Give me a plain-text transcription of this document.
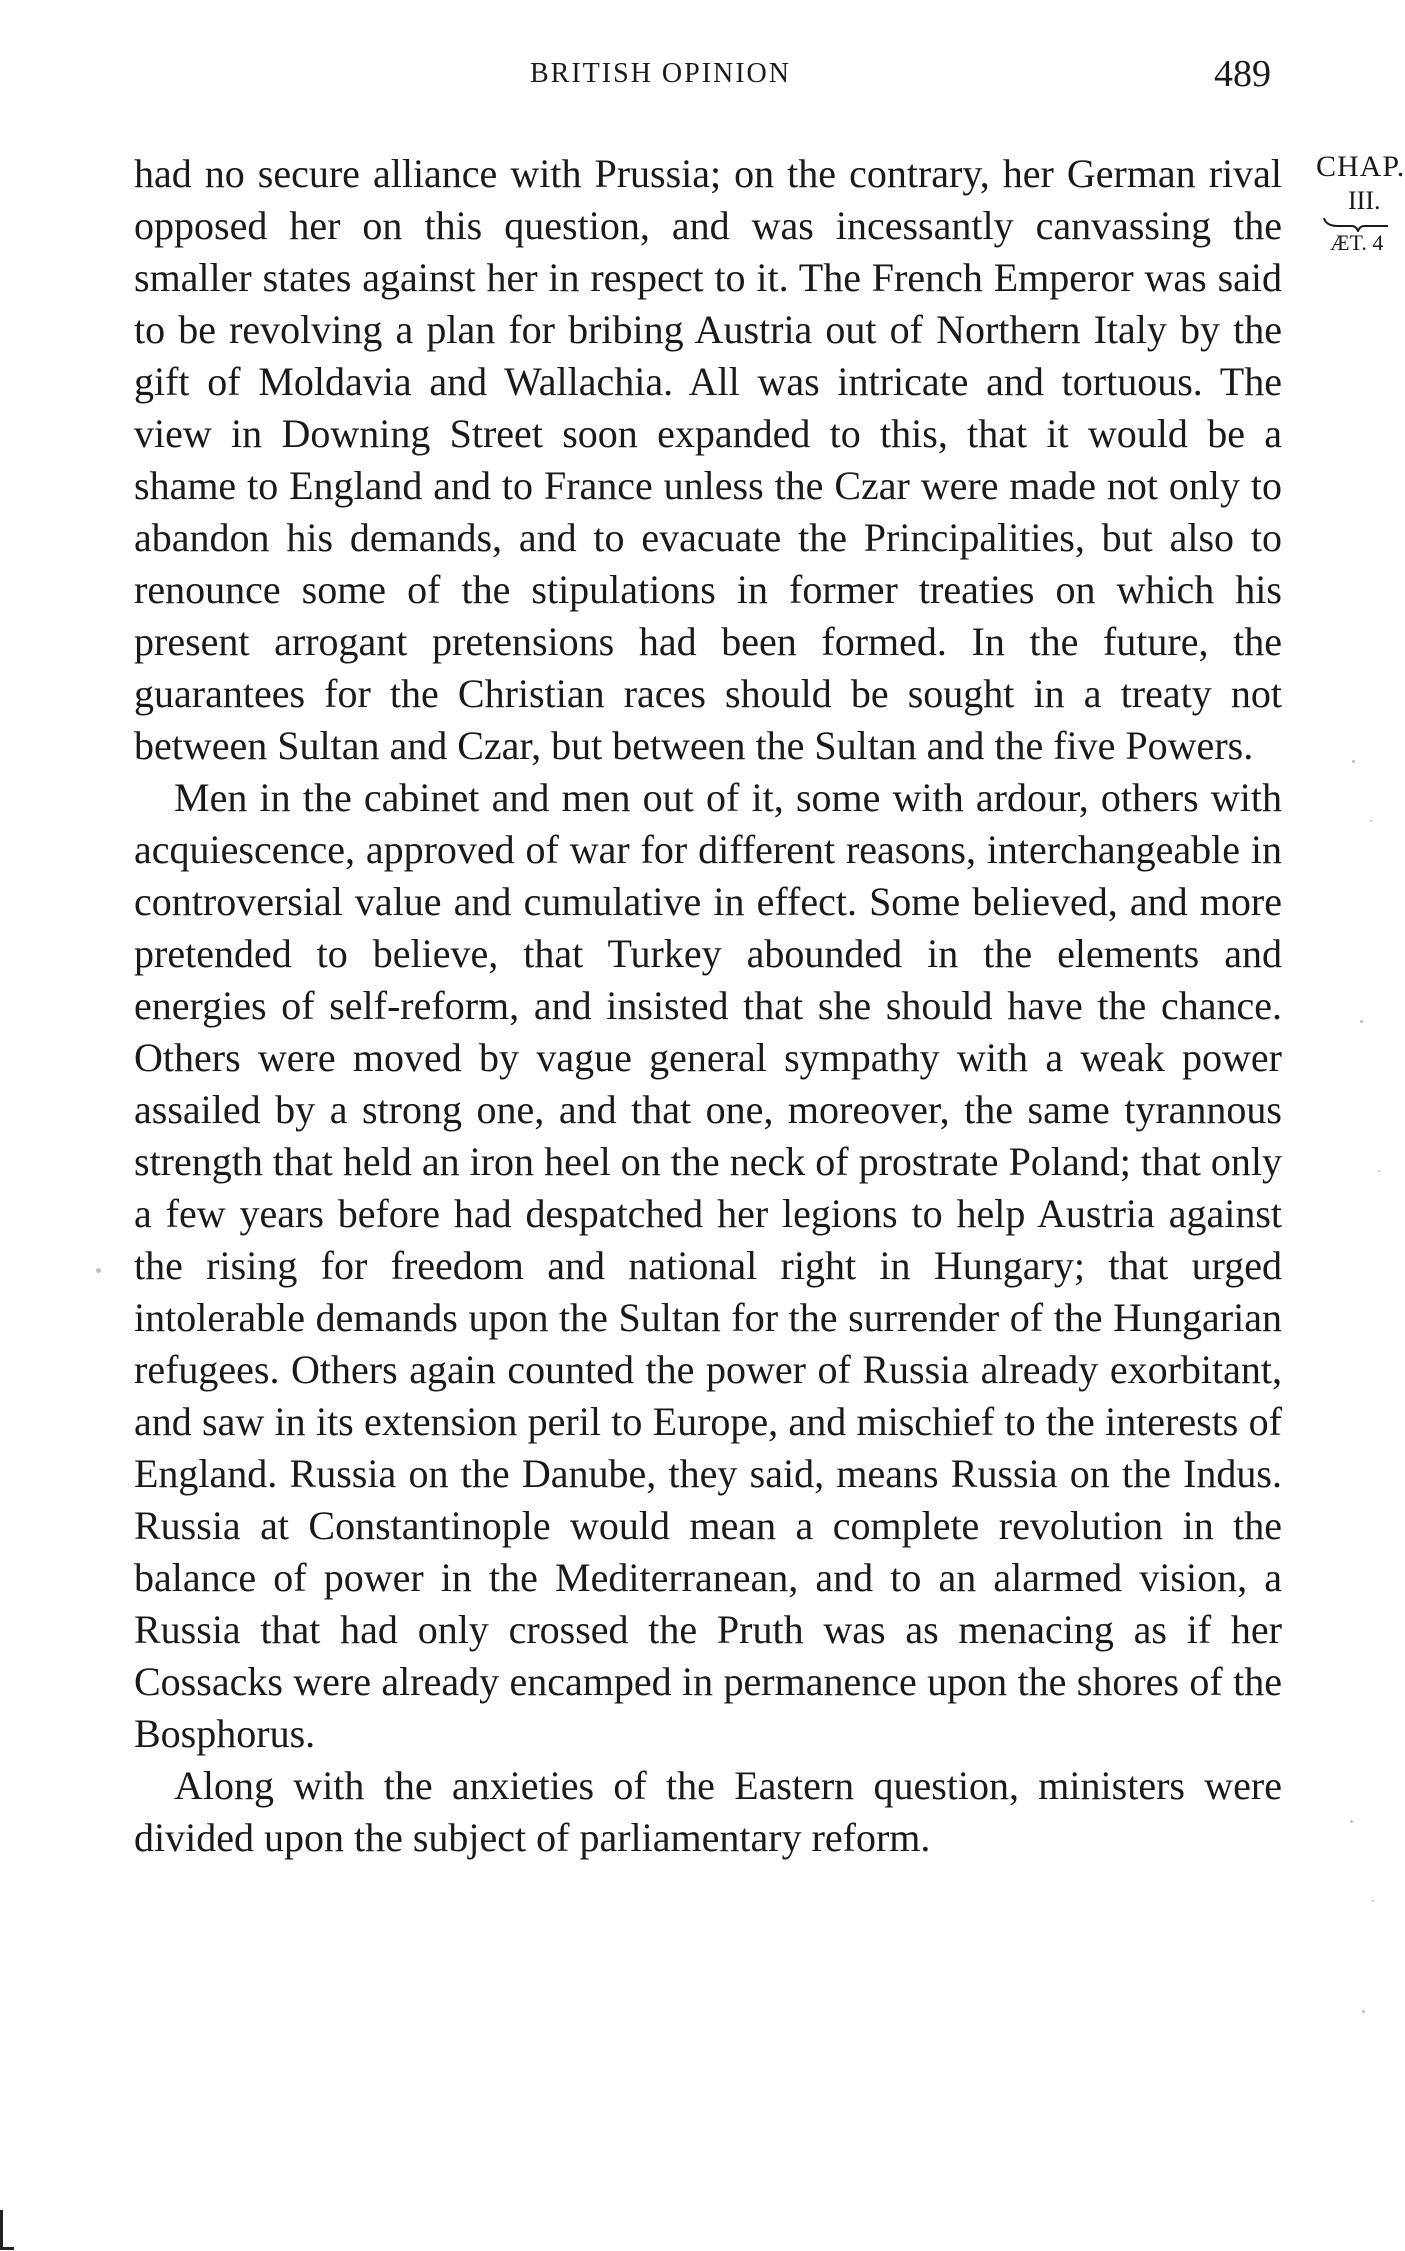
BRITISH OPINION	489
CHAP.
III.
ÆT. 4

had no secure alliance with Prussia; on the contrary, her German rival opposed her on this question, and was incessantly canvassing the smaller states against her in respect to it. The French Emperor was said to be revolving a plan for bribing Austria out of Northern Italy by the gift of Moldavia and Wallachia. All was intricate and tortuous. The view in Downing Street soon expanded to this, that it would be a shame to England and to France unless the Czar were made not only to abandon his demands, and to evacuate the Principalities, but also to renounce some of the stipulations in former treaties on which his present arrogant pretensions had been formed. In the future, the guarantees for the Christian races should be sought in a treaty not between Sultan and Czar, but between the Sultan and the five Powers.

Men in the cabinet and men out of it, some with ardour, others with acquiescence, approved of war for different reasons, interchangeable in controversial value and cumulative in effect. Some believed, and more pretended to believe, that Turkey abounded in the elements and energies of self-reform, and insisted that she should have the chance. Others were moved by vague general sympathy with a weak power assailed by a strong one, and that one, moreover, the same tyrannous strength that held an iron heel on the neck of prostrate Poland; that only a few years before had despatched her legions to help Austria against the rising for freedom and national right in Hungary; that urged intolerable demands upon the Sultan for the surrender of the Hungarian refugees. Others again counted the power of Russia already exorbitant, and saw in its extension peril to Europe, and mischief to the interests of England. Russia on the Danube, they said, means Russia on the Indus. Russia at Constantinople would mean a complete revolution in the balance of power in the Mediterranean, and to an alarmed vision, a Russia that had only crossed the Pruth was as menacing as if her Cossacks were already encamped in permanence upon the shores of the Bosphorus.

Along with the anxieties of the Eastern question, ministers were divided upon the subject of parliamentary reform.
